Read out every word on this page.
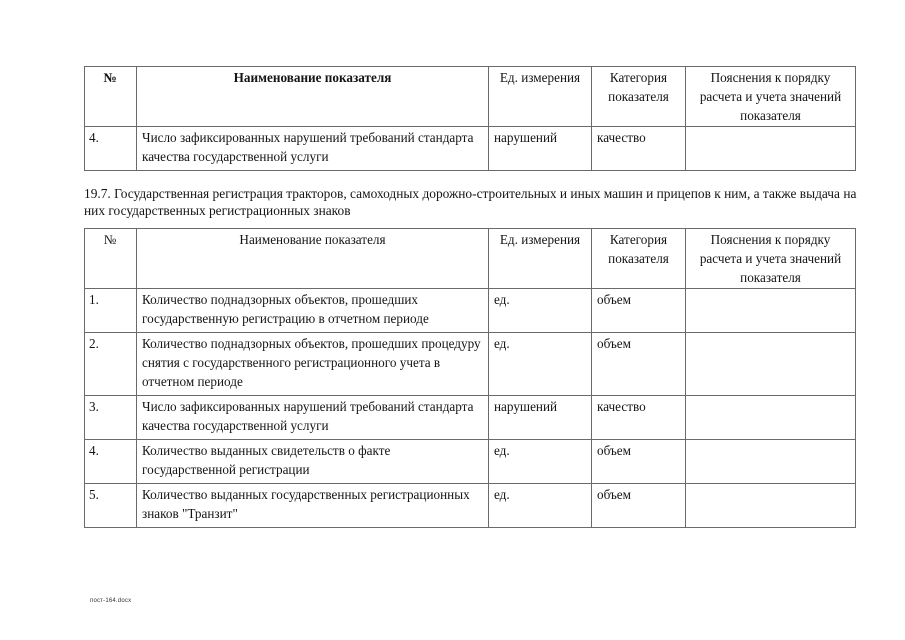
№	Наименование показателя	Ед. измерения	Категория показателя	Пояснения к порядку расчета и учета значений показателя
4.	Число зафиксированных нарушений требований стандарта качества государственной услуги	нарушений	качество	
19.7. Государственная регистрация тракторов, самоходных дорожно-строительных и иных машин и прицепов к ним, а также выдача на них государственных регистрационных знаков
№	Наименование показателя	Ед. измерения	Категория показателя	Пояснения к порядку расчета и учета значений показателя
1.	Количество поднадзорных объектов, прошедших государственную регистрацию в отчетном периоде	ед.	объем	
2.	Количество поднадзорных объектов, прошедших процедуру снятия с государственного регистрационного учета в отчетном периоде	ед.	объем	
3.	Число зафиксированных нарушений требований стандарта качества государственной услуги	нарушений	качество	
4.	Количество выданных свидетельств о факте государственной регистрации	ед.	объем	
5.	Количество выданных государственных регистрационных знаков "Транзит"	ед.	объем	
пост-164.docx
